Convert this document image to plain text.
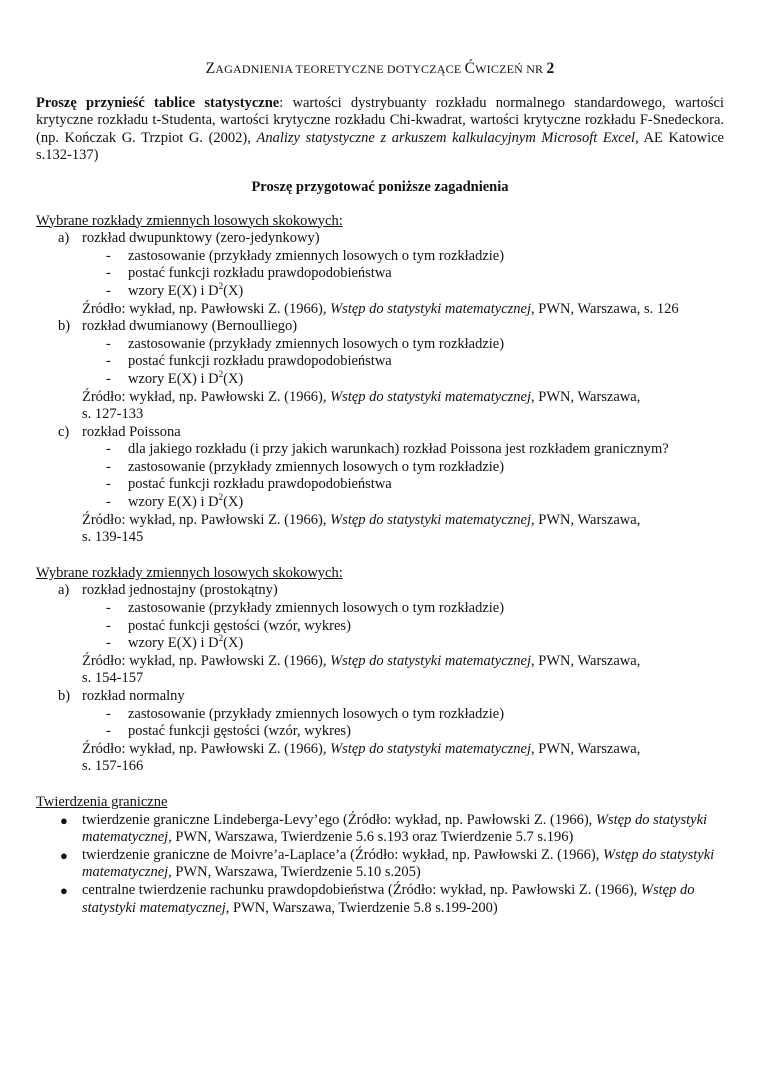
ZAGADNIENIA TEORETYCZNE DOTYCZĄCE ĆWICZEŃ NR 2

Proszę przynieść tablice statystyczne: wartości dystrybuanty rozkładu normalnego standardowego, wartości krytyczne rozkładu t-Studenta, wartości krytyczne rozkładu Chi-kwadrat, wartości krytyczne rozkładu F-Snedeckora. (np. Kończak G. Trzpiot G. (2002), Analizy statystyczne z arkuszem kalkulacyjnym Microsoft Excel, AE Katowice s.132-137)

Proszę przygotować poniższe zagadnienia

Wybrane rozkłady zmiennych losowych skokowych:

a) rozkład dwupunktowy (zero-jedynkowy)
-	zastosowanie (przykłady zmiennych losowych o tym rozkładzie)
-	postać funkcji rozkładu prawdopodobieństwa
-	wzory E(X) i $D^2(X)$
Źródło: wykład, np. Pawłowski Z. (1966), Wstęp do statystyki matematycznej, PWN, Warszawa, s. 126
b) rozkład dwumianowy (Bernoulliego)
-	zastosowanie (przykłady zmiennych losowych o tym rozkładzie)
-	postać funkcji rozkładu prawdopodobieństwa
-	wzory E(X) i $D^2(X)$
Źródło: wykład, np. Pawłowski Z. (1966), Wstęp do statystyki matematycznej, PWN, Warszawa,
s. 127-133
c) rozkład Poissona
-	dla jakiego rozkładu (i przy jakich warunkach) rozkład Poissona jest rozkładem granicznym?
-	zastosowanie (przykłady zmiennych losowych o tym rozkładzie)
-	postać funkcji rozkładu prawdopodobieństwa
-	wzory E(X) i $D^2(X)$
Źródło: wykład, np. Pawłowski Z. (1966), Wstęp do statystyki matematycznej, PWN, Warszawa,
s. 139-145

Wybrane rozkłady zmiennych losowych skokowych:

a) rozkład jednostajny (prostokątny)
-	zastosowanie (przykłady zmiennych losowych o tym rozkładzie)
-	postać funkcji gęstości (wzór, wykres)
-	wzory E(X) i $D^2(X)$
Źródło: wykład, np. Pawłowski Z. (1966), Wstęp do statystyki matematycznej, PWN, Warszawa,
s. 154-157
b) rozkład normalny
-	zastosowanie (przykłady zmiennych losowych o tym rozkładzie)
-	postać funkcji gęstości (wzór, wykres)
Źródło: wykład, np. Pawłowski Z. (1966), Wstęp do statystyki matematycznej, PWN, Warszawa,
s. 157-166

Twierdzenia graniczne

● twierdzenie graniczne Lindeberga-Levy’ego (Źródło: wykład, np. Pawłowski Z. (1966), Wstęp do statystyki matematycznej, PWN, Warszawa, Twierdzenie 5.6 s.193 oraz Twierdzenie 5.7 s.196)
● twierdzenie graniczne de Moivre’a-Laplace’a (Źródło: wykład, np. Pawłowski Z. (1966), Wstęp do statystyki matematycznej, PWN, Warszawa, Twierdzenie 5.10 s.205)
● centralne twierdzenie rachunku prawdopdobieństwa (Źródło: wykład, np. Pawłowski Z. (1966), Wstęp do statystyki matematycznej, PWN, Warszawa, Twierdzenie 5.8 s.199-200)
